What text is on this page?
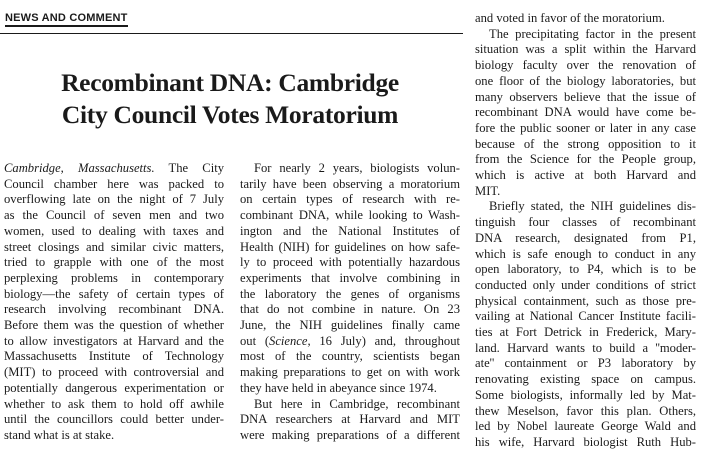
NEWS AND COMMENT
Recombinant DNA: Cambridge
City Council Votes Moratorium
Cambridge, Massachusetts. The City
Council chamber here was packed to
overflowing late on the night of 7 July
as the Council of seven men and two
women, used to dealing with taxes and
street closings and similar civic matters,
tried to grapple with one of the most
perplexing problems in contemporary
biology—the safety of certain types of
research involving recombinant DNA.
Before them was the question of whether
to allow investigators at Harvard and the
Massachusetts Institute of Technology
(MIT) to proceed with controversial and
potentially dangerous experimentation or
whether to ask them to hold off awhile
until the councillors could better under-
stand what is at stake.
For nearly 2 years, biologists volun-
tarily have been observing a moratorium
on certain types of research with re-
combinant DNA, while looking to Wash-
ington and the National Institutes of
Health (NIH) for guidelines on how safe-
ly to proceed with potentially hazardous
experiments that involve combining in
the laboratory the genes of organisms
that do not combine in nature. On 23
June, the NIH guidelines finally came
out (Science, 16 July) and, throughout
most of the country, scientists began
making preparations to get on with work
they have held in abeyance since 1974.
But here in Cambridge, recombinant
DNA researchers at Harvard and MIT
were making preparations of a different
and voted in favor of the moratorium.
The precipitating factor in the present
situation was a split within the Harvard
biology faculty over the renovation of
one floor of the biology laboratories, but
many observers believe that the issue of
recombinant DNA would have come be-
fore the public sooner or later in any case
because of the strong opposition to it
from the Science for the People group,
which is active at both Harvard and
MIT.
Briefly stated, the NIH guidelines dis-
tinguish four classes of recombinant
DNA research, designated from P1,
which is safe enough to conduct in any
open laboratory, to P4, which is to be
conducted only under conditions of strict
physical containment, such as those pre-
vailing at National Cancer Institute facili-
ties at Fort Detrick in Frederick, Mary-
land. Harvard wants to build a ''moder-
ate'' containment or P3 laboratory by
renovating existing space on campus.
Some biologists, informally led by Mat-
thew Meselson, favor this plan. Others,
led by Nobel laureate George Wald and
his wife, Harvard biologist Ruth Hub-
